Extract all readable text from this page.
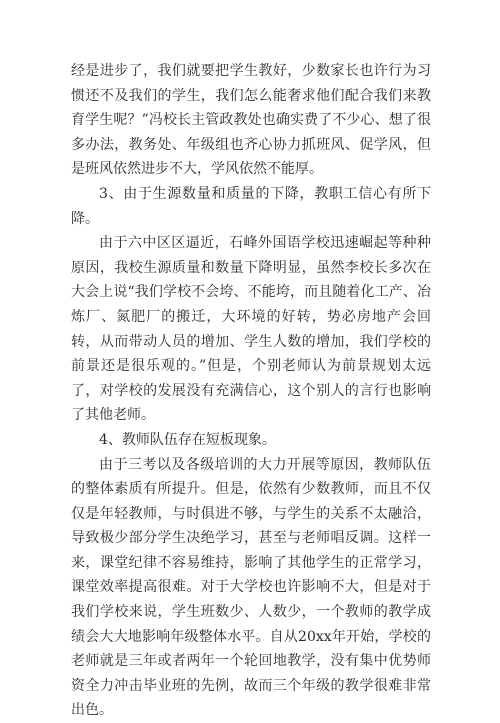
经是进步了，我们就要把学生教好，少数家长也许行为习惯还不及我们的学生，我们怎么能奢求他们配合我们来教育学生呢？”冯校长主管政教处也确实费了不少心、想了很多办法，教务处、年级组也齐心协力抓班风、促学风，但是班风依然进步不大，学风依然不能厚。

3、由于生源数量和质量的下降，教职工信心有所下降。

由于六中区区逼近，石峰外国语学校迅速崛起等种种原因，我校生源质量和数量下降明显，虽然李校长多次在大会上说“我们学校不会垮、不能垮，而且随着化工产、冶炼厂、氮肥厂的搬迁，大环境的好转，势必房地产会回转，从而带动人员的增加、学生人数的增加，我们学校的前景还是很乐观的。”但是，个别老师认为前景规划太远了，对学校的发展没有充满信心，这个别人的言行也影响了其他老师。

4、教师队伍存在短板现象。

由于三考以及各级培训的大力开展等原因，教师队伍的整体素质有所提升。但是，依然有少数教师，而且不仅仅是年轻教师，与时俱进不够，与学生的关系不太融洽，导致极少部分学生决绝学习，甚至与老师唱反调。这样一来，课堂纪律不容易维持，影响了其他学生的正常学习，课堂效率提高很难。对于大学校也许影响不大，但是对于我们学校来说，学生班数少、人数少，一个教师的教学成绩会大大地影响年级整体水平。自从20xx年开始，学校的老师就是三年或者两年一个轮回地教学，没有集中优势师资全力冲击毕业班的先例，故而三个年级的教学很难非常出色。
